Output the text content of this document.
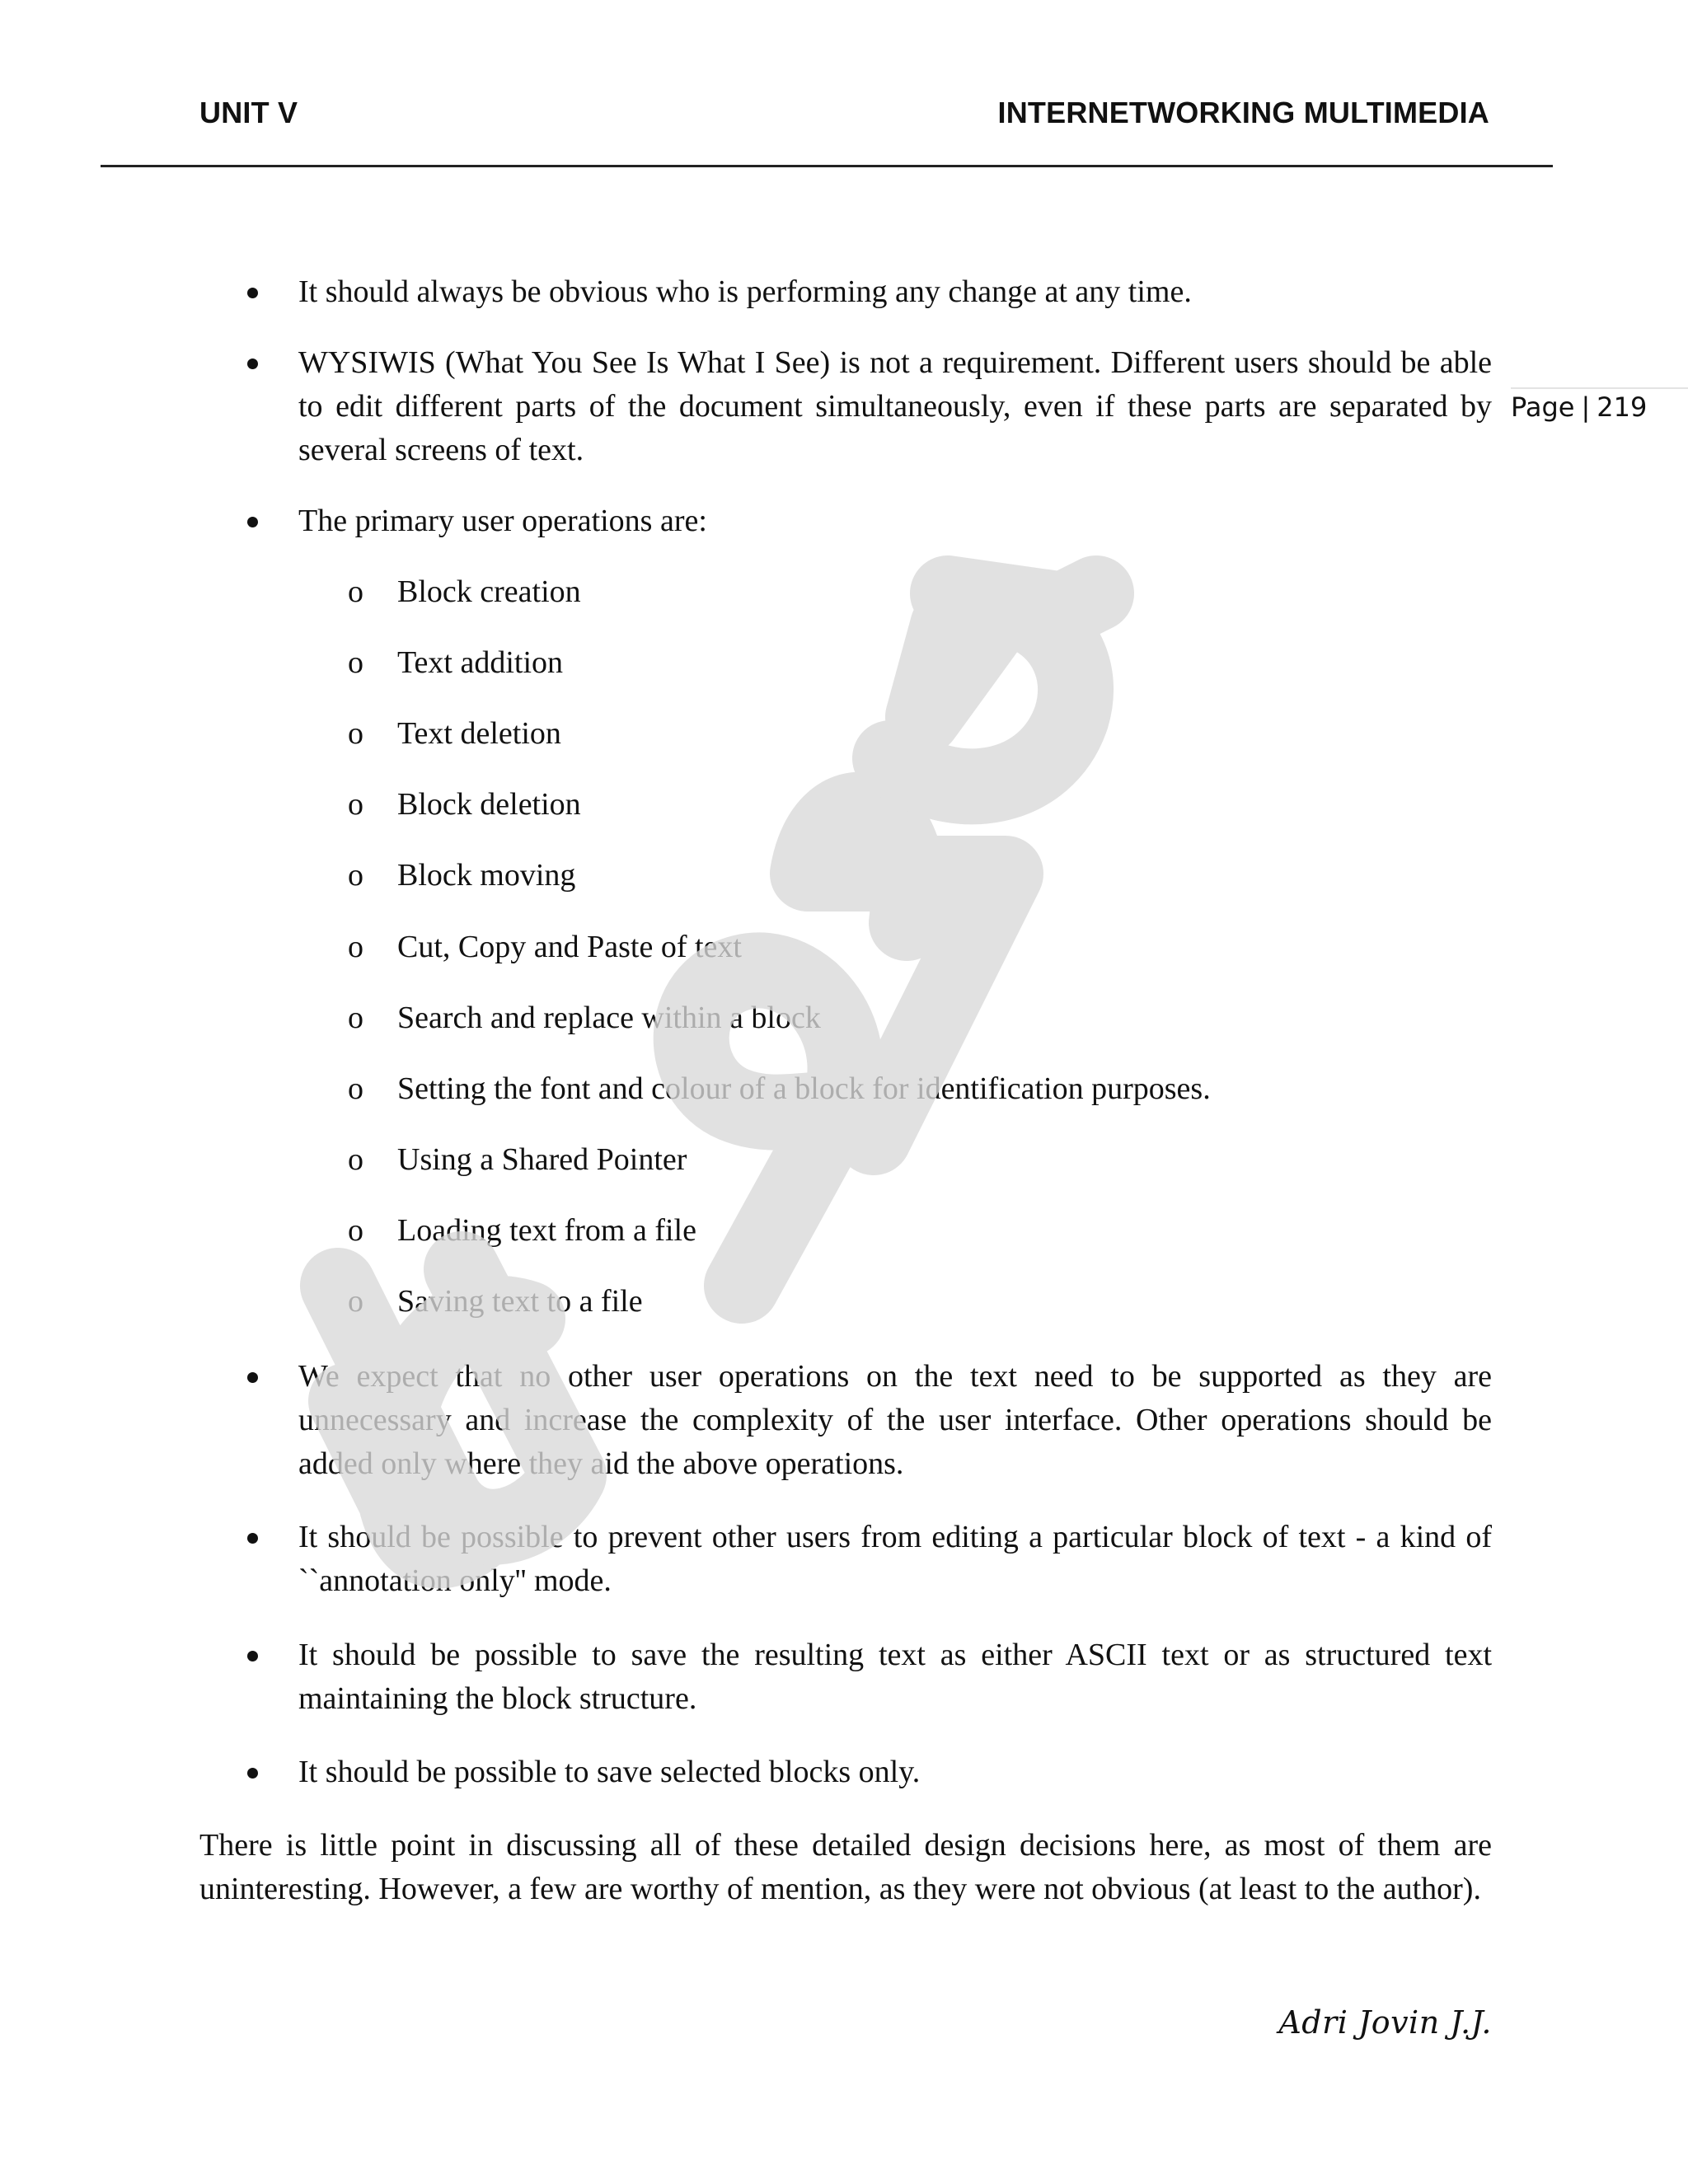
UNIT V	INTERNETWORKING MULTIMEDIA
Page | 219
It should always be obvious who is performing any change at any time.
WYSIWIS (What You See Is What I See) is not a requirement. Different users should be able to edit different parts of the document simultaneously, even if these parts are separated by several screens of text.
The primary user operations are:
o Block creation
o Text addition
o Text deletion
o Block deletion
o Block moving
o Cut, Copy and Paste of text
o Search and replace within a block
o Setting the font and colour of a block for identification purposes.
o Using a Shared Pointer
o Loading text from a file
o Saving text to a file
We expect that no other user operations on the text need to be supported as they are unnecessary and increase the complexity of the user interface. Other operations should be added only where they aid the above operations.
It should be possible to prevent other users from editing a particular block of text - a kind of ``annotation only'' mode.
It should be possible to save the resulting text as either ASCII text or as structured text maintaining the block structure.
It should be possible to save selected blocks only.
There is little point in discussing all of these detailed design decisions here, as most of them are uninteresting. However, a few are worthy of mention, as they were not obvious (at least to the author).
Adri Jovin J.J.
